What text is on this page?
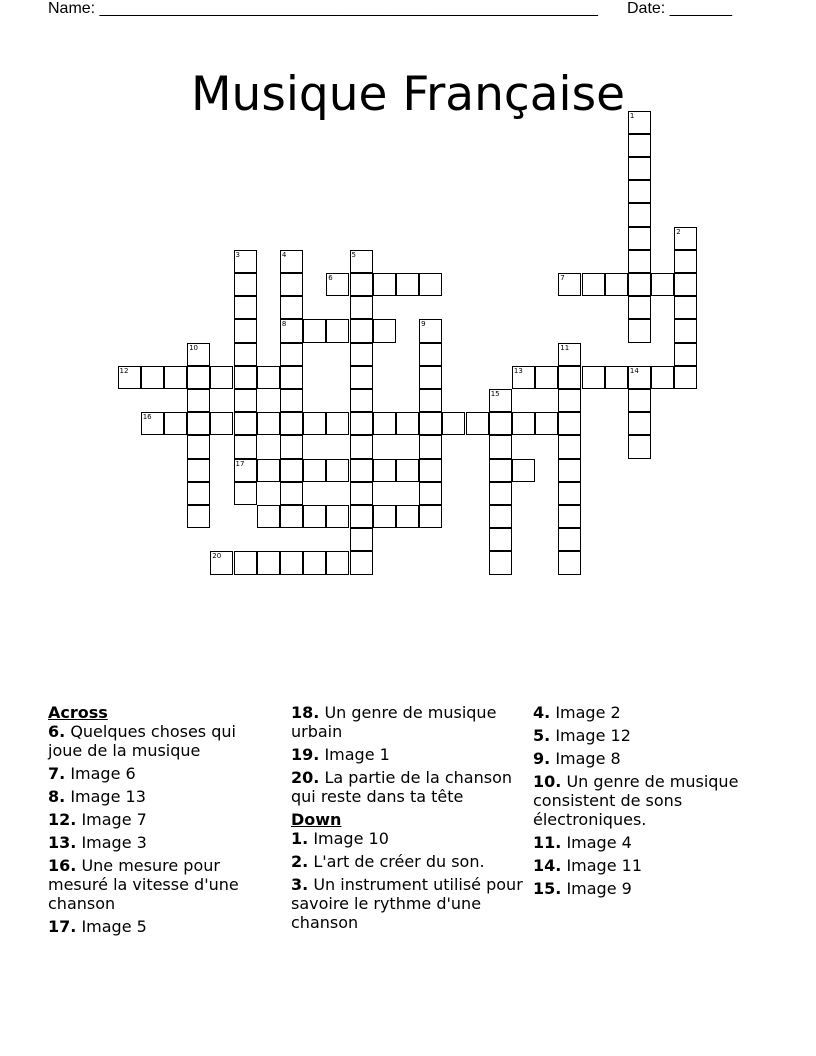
Name: ________________________________________________________ Date: _______
Musique Française 1
2
3
17
4
8
5
6	7
9
10	11
12	13	14
15
16
20
Across
6. Quelques choses qui joue de la musique
7. Image 6
8. Image 13
12. Image 7
13. Image 3
16. Une mesure pour mesuré la vitesse d'une chanson
17. Image 5
18. Un genre de musique urbain
19. Image 1
20. La partie de la chanson qui reste dans ta tête
Down
1. Image 10
2. L'art de créer du son.
3. Un instrument utilisé pour savoire le rythme d'une chanson
4. Image 2
5. Image 12
9. Image 8
10. Un genre de musique consistent de sons électroniques.
11. Image 4
14. Image 11
15. Image 9
